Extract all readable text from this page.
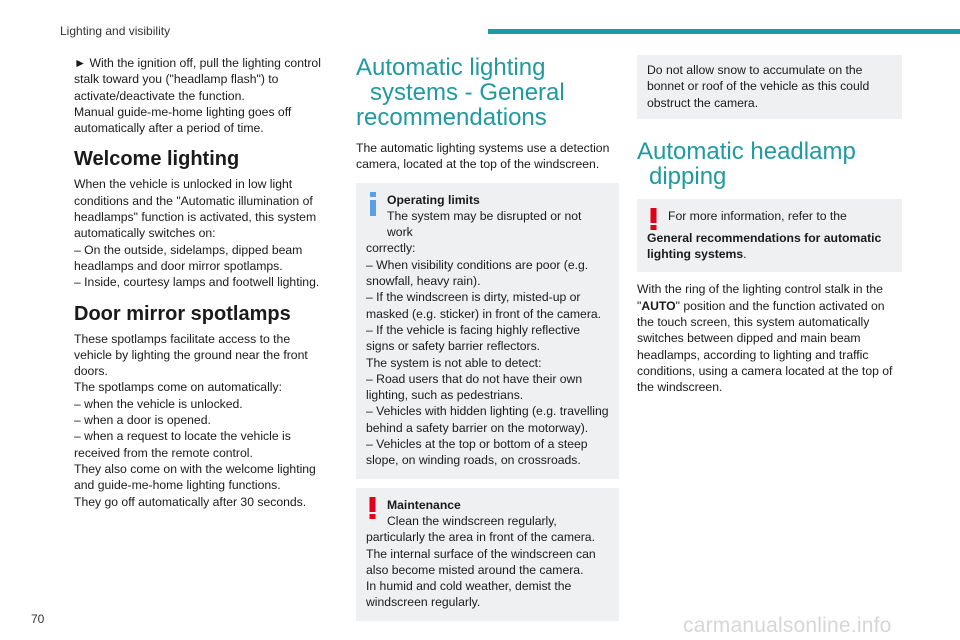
Lighting and visibility
► With the ignition off, pull the lighting control stalk toward you ("headlamp flash") to activate/deactivate the function.
Manual guide-me-home lighting goes off automatically after a period of time.
Welcome lighting
When the vehicle is unlocked in low light conditions and the "Automatic illumination of headlamps" function is activated, this system automatically switches on:
– On the outside, sidelamps, dipped beam headlamps and door mirror spotlamps.
– Inside, courtesy lamps and footwell lighting.
Door mirror spotlamps
These spotlamps facilitate access to the vehicle by lighting the ground near the front doors.
The spotlamps come on automatically:
– when the vehicle is unlocked.
– when a door is opened.
– when a request to locate the vehicle is received from the remote control.
They also come on with the welcome lighting and guide-me-home lighting functions.
They go off automatically after 30 seconds.
Automatic lighting
systems - General
recommendations
The automatic lighting systems use a detection camera, located at the top of the windscreen.
Operating limits
The system may be disrupted or not work
correctly:
– When visibility conditions are poor (e.g. snowfall, heavy rain).
– If the windscreen is dirty, misted-up or masked (e.g. sticker) in front of the camera.
– If the vehicle is facing highly reflective signs or safety barrier reflectors.
The system is not able to detect:
– Road users that do not have their own lighting, such as pedestrians.
– Vehicles with hidden lighting (e.g. travelling behind a safety barrier on the motorway).
– Vehicles at the top or bottom of a steep slope, on winding roads, on crossroads.
Maintenance
Clean the windscreen regularly,
particularly the area in front of the camera.
The internal surface of the windscreen can also become misted around the camera.
In humid and cold weather, demist the windscreen regularly.
Do not allow snow to accumulate on the bonnet or roof of the vehicle as this could obstruct the camera.
Automatic headlamp
dipping
For more information, refer to the
General recommendations for automatic lighting systems.
With the ring of the lighting control stalk in the "AUTO" position and the function activated on the touch screen, this system automatically switches between dipped and main beam headlamps, according to lighting and traffic conditions, using a camera located at the top of the windscreen.
70	carmanualsonline.info
